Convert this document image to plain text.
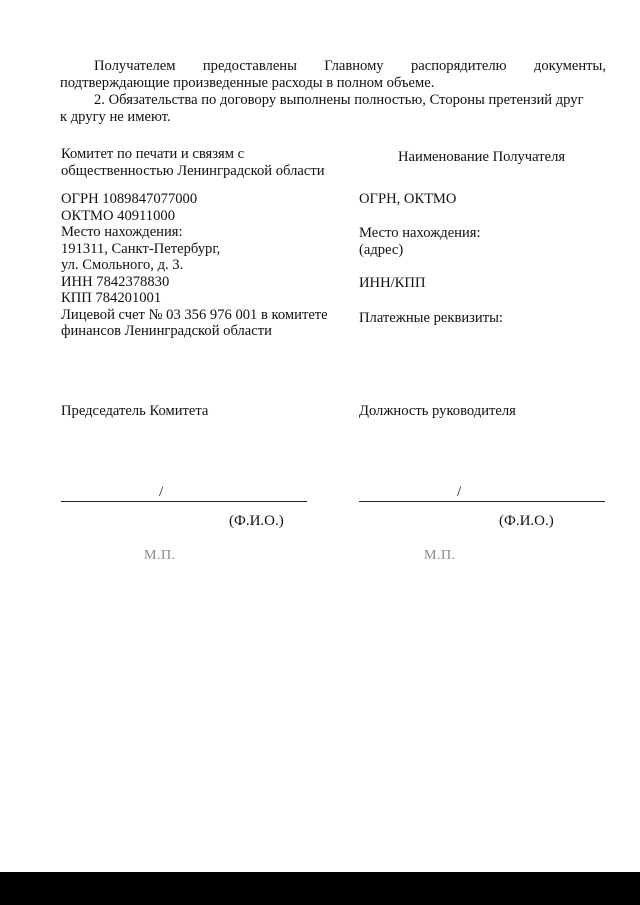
Получателем предоставлены Главному распорядителю документы,
подтверждающие произведенные расходы в полном объеме.

2. Обязательства по договору выполнены полностью, Стороны претензий друг
к другу не имеют.

Комитет по печати и связям с
общественностью Ленинградской области
ОГРН 1089847077000
ОКТМО 40911000
Место нахождения:
191311, Санкт-Петербург,
ул. Смольного, д. 3.
ИНН 7842378830
КПП 784201001
Лицевой счет № 03 356 976 001 в комитете
финансов Ленинградской области
Председатель Комитета
Наименование Получателя
ОГРН, ОКТМО
Место нахождения:
(адрес)
ИНН/КПП
Платежные реквизиты:
Должность руководителя
/
(Ф.И.О.)
М.П.
/
(Ф.И.О.)
М.П.
